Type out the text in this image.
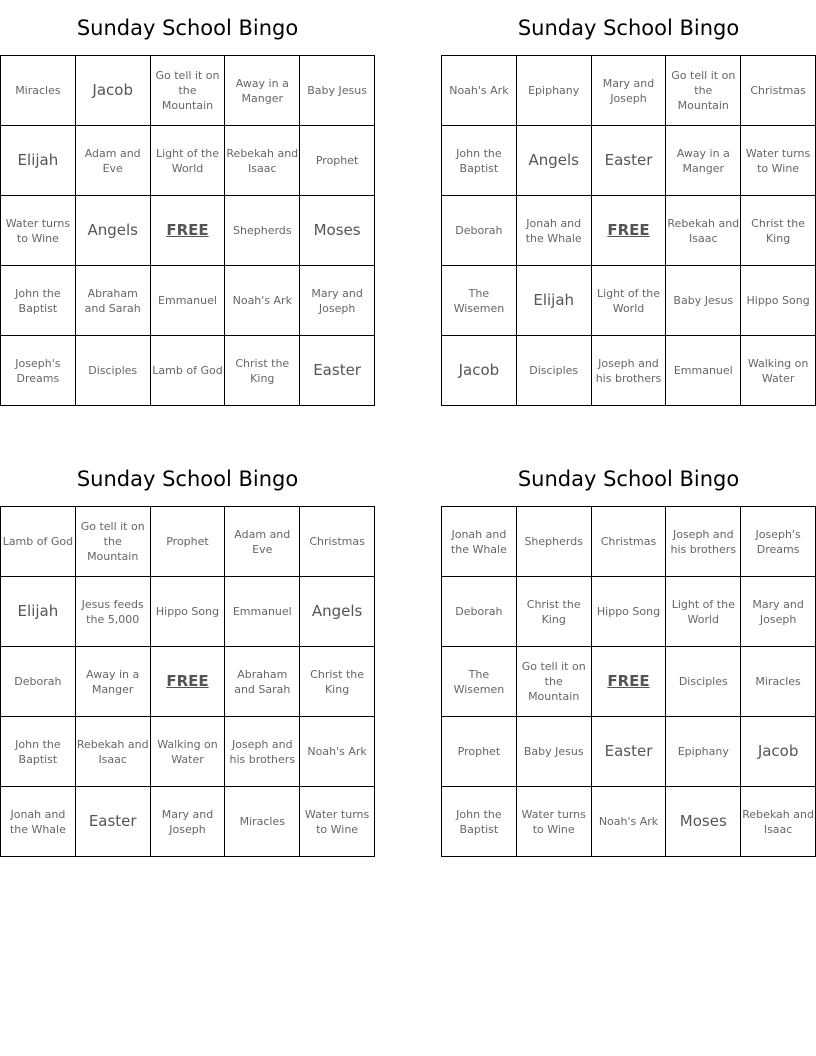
Sunday School Bingo
Miracles	Jacob	Go tell it on the Mountain	Away in a Manger	Baby Jesus
Elijah	Adam and Eve	Light of the World	Rebekah and Isaac	Prophet
Water turns to Wine	Angels	FREE	Shepherds	Moses
John the Baptist	Abraham and Sarah	Emmanuel	Noah's Ark	Mary and Joseph
Joseph's Dreams	Disciples	Lamb of God	Christ the King	Easter
Sunday School Bingo
Noah's Ark	Epiphany	Mary and Joseph	Go tell it on the Mountain	Christmas
John the Baptist	Angels	Easter	Away in a Manger	Water turns to Wine
Deborah	Jonah and the Whale	FREE	Rebekah and Isaac	Christ the King
The Wisemen	Elijah	Light of the World	Baby Jesus	Hippo Song
Jacob	Disciples	Joseph and his brothers	Emmanuel	Walking on Water
Sunday School Bingo
Lamb of God	Go tell it on the Mountain	Prophet	Adam and Eve	Christmas
Elijah	Jesus feeds the 5,000	Hippo Song	Emmanuel	Angels
Deborah	Away in a Manger	FREE	Abraham and Sarah	Christ the King
John the Baptist	Rebekah and Isaac	Walking on Water	Joseph and his brothers	Noah's Ark
Jonah and the Whale	Easter	Mary and Joseph	Miracles	Water turns to Wine
Sunday School Bingo
Jonah and the Whale	Shepherds	Christmas	Joseph and his brothers	Joseph's Dreams
Deborah	Christ the King	Hippo Song	Light of the World	Mary and Joseph
The Wisemen	Go tell it on the Mountain	FREE	Disciples	Miracles
Prophet	Baby Jesus	Easter	Epiphany	Jacob
John the Baptist	Water turns to Wine	Noah's Ark	Moses	Rebekah and Isaac
